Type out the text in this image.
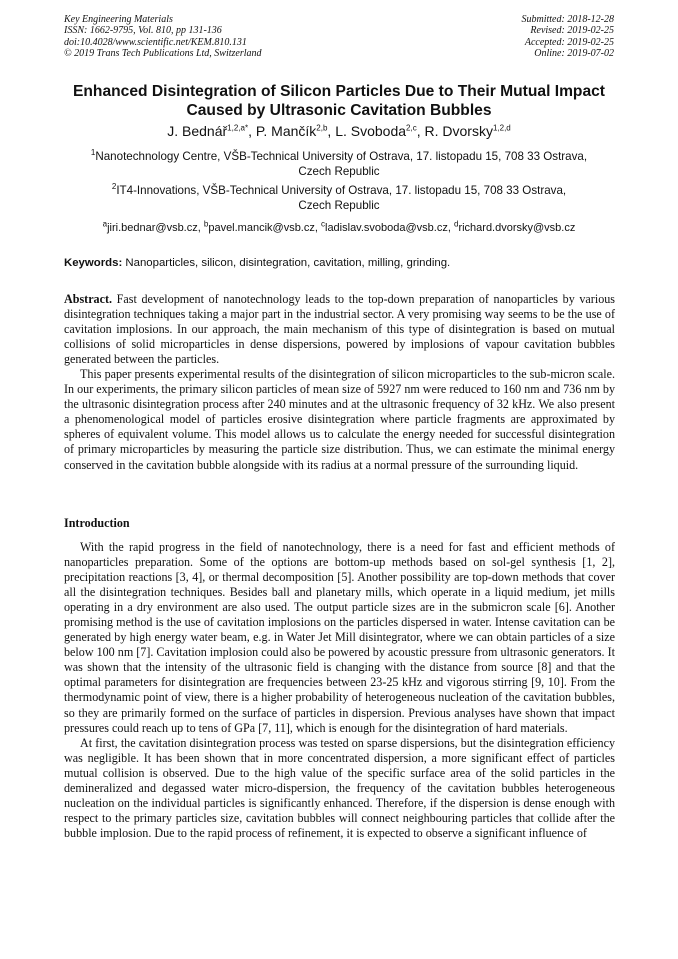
Key Engineering Materials
ISSN: 1662-9795, Vol. 810, pp 131-136
doi:10.4028/www.scientific.net/KEM.810.131
© 2019 Trans Tech Publications Ltd, Switzerland
Submitted: 2018-12-28
Revised: 2019-02-25
Accepted: 2019-02-25
Online: 2019-07-02
Enhanced Disintegration of Silicon Particles Due to Their Mutual Impact
Caused by Ultrasonic Cavitation Bubbles
J. Bednář$^{1,2,a*}$, P. Mančík$^{2,b}$, L. Svoboda$^{2,c}$, R. Dvorsky$^{1,2,d}$
$^1$Nanotechnology Centre, VŠB-Technical University of Ostrava, 17. listopadu 15, 708 33 Ostrava,
Czech Republic
$^2$IT4-Innovations, VŠB-Technical University of Ostrava, 17. listopadu 15, 708 33 Ostrava,
Czech Republic
$^a$jiri.bednar@vsb.cz, $^b$pavel.mancik@vsb.cz, $^c$ladislav.svoboda@vsb.cz, $^d$richard.dvorsky@vsb.cz
Keywords: Nanoparticles, silicon, disintegration, cavitation, milling, grinding.

Abstract. Fast development of nanotechnology leads to the top-down preparation of nanoparticles by various disintegration techniques taking a major part in the industrial sector. A very promising way seems to be the use of cavitation implosions. In our approach, the main mechanism of this type of disintegration is based on mutual collisions of solid microparticles in dense dispersions, powered by implosions of vapour cavitation bubbles generated between the particles.

This paper presents experimental results of the disintegration of silicon microparticles to the sub-micron scale. In our experiments, the primary silicon particles of mean size of 5927 nm were reduced to 160 nm and 736 nm by the ultrasonic disintegration process after 240 minutes and at the ultrasonic frequency of 32 kHz. We also present a phenomenological model of particles erosive disintegration where particle fragments are approximated by spheres of equivalent volume. This model allows us to calculate the energy needed for successful disintegration of primary microparticles by measuring the particle size distribution. Thus, we can estimate the minimal energy conserved in the cavitation bubble alongside with its radius at a normal pressure of the surrounding liquid.

Introduction

With the rapid progress in the field of nanotechnology, there is a need for fast and efficient methods of nanoparticles preparation. Some of the options are bottom-up methods based on sol-gel synthesis [1, 2], precipitation reactions [3, 4], or thermal decomposition [5]. Another possibility are top-down methods that cover all the disintegration techniques. Besides ball and planetary mills, which operate in a liquid medium, jet mills operating in a dry environment are also used. The output particle sizes are in the submicron scale [6]. Another promising method is the use of cavitation implosions on the particles dispersed in water. Intense cavitation can be generated by high energy water beam, e.g. in Water Jet Mill disintegrator, where we can obtain particles of a size below 100 nm [7]. Cavitation implosion could also be powered by acoustic pressure from ultrasonic generators. It was shown that the intensity of the ultrasonic field is changing with the distance from source [8] and that the optimal parameters for disintegration are frequencies between 23-25 kHz and vigorous stirring [9, 10]. From the thermodynamic point of view, there is a higher probability of heterogeneous nucleation of the cavitation bubbles, so they are primarily formed on the surface of particles in dispersion. Previous analyses have shown that impact pressures could reach up to tens of GPa [7, 11], which is enough for the disintegration of hard materials.

At first, the cavitation disintegration process was tested on sparse dispersions, but the disintegration efficiency was negligible. It has been shown that in more concentrated dispersion, a more significant effect of particles mutual collision is observed. Due to the high value of the specific surface area of the solid particles in the demineralized and degassed water micro-dispersion, the frequency of the cavitation bubbles heterogeneous nucleation on the individual particles is significantly enhanced. Therefore, if the dispersion is dense enough with respect to the primary particles size, cavitation bubbles will connect neighbouring particles that collide after the bubble implosion. Due to the rapid process of refinement, it is expected to observe a significant influence of
